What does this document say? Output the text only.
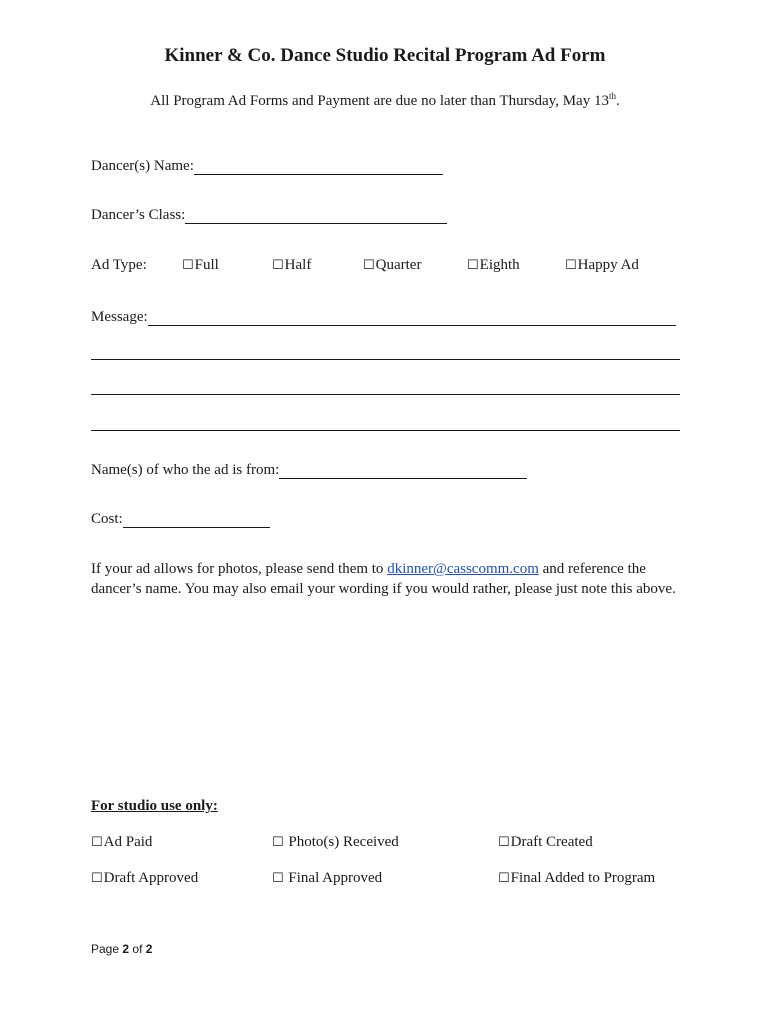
Kinner & Co. Dance Studio Recital Program Ad Form
All Program Ad Forms and Payment are due no later than Thursday, May 13th.
Dancer(s) Name:
Dancer’s Class:
Ad Type:	☐Full	☐Half	☐Quarter	☐Eighth	☐Happy Ad
Message:
Name(s) of who the ad is from:
Cost:
If your ad allows for photos, please send them to dkinner@casscomm.com and reference the dancer’s name. You may also email your wording if you would rather, please just note this above.
For studio use only:
☐Ad Paid	☐ Photo(s) Received	☐Draft Created
☐Draft Approved	☐ Final Approved	☐Final Added to Program
Page 2 of 2
